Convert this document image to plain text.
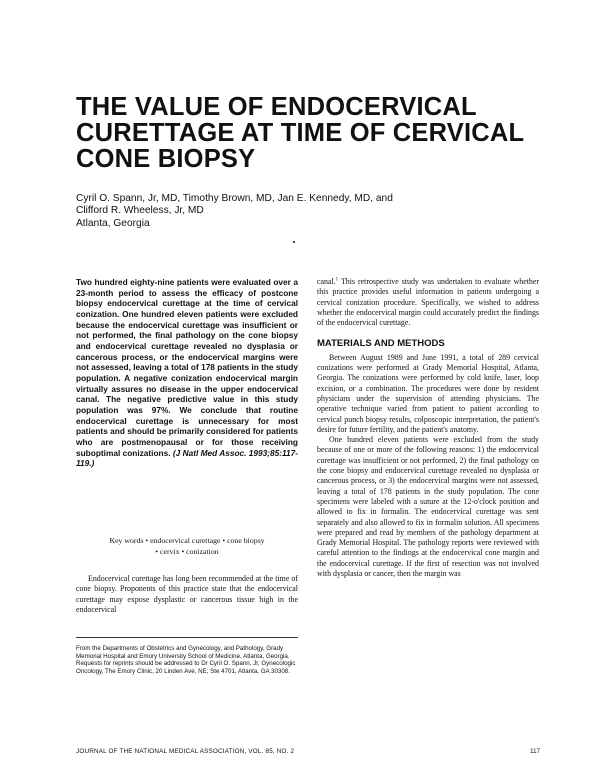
THE VALUE OF ENDOCERVICAL
CURETTAGE AT TIME OF CERVICAL
CONE BIOPSY
Cyril O. Spann, Jr, MD, Timothy Brown, MD, Jan E. Kennedy, MD, and
Clifford R. Wheeless, Jr, MD
Atlanta, Georgia
Two hundred eighty-nine patients were evaluated over a 23-month period to assess the efficacy of postcone biopsy endocervical curettage at the time of cervical conization. One hundred eleven patients were excluded because the endocervical curettage was insufficient or not performed, the final pathology on the cone biopsy and endocervical curettage revealed no dysplasia or cancerous process, or the endocervical margins were not assessed, leaving a total of 178 patients in the study population. A negative conization endocervical margin virtually assures no disease in the upper endocervical canal. The negative predictive value in this study population was 97%. We conclude that routine endocervical curettage is unnecessary for most patients and should be primarily considered for patients who are postmenopausal or for those receiving suboptimal conizations. (J Natl Med Assoc. 1993;85:117-119.)
Key words • endocervical curettage • cone biopsy
• cervix • conization
Endocervical curettage has long been recommended at the time of cone biopsy. Proponents of this practice state that the endocervical curettage may expose dysplastic or cancerous tissue high in the endocervical
From the Departments of Obstetrics and Gynecology, and Pathology, Grady Memorial Hospital and Emory University School of Medicine, Atlanta, Georgia. Requests for reprints should be addressed to Dr Cyril O. Spann, Jr, Gynecologic Oncology, The Emory Clinic, 20 Linden Ave, NE, Ste 4701, Atlanta, GA 30308.

canal.$^1$ This retrospective study was undertaken to evaluate whether this practice provides useful information in patients undergoing a cervical conization procedure. Specifically, we wished to address whether the endocervical margin could accurately predict the findings of the endocervical curettage.

MATERIALS AND METHODS

Between August 1989 and June 1991, a total of 289 cervical conizations were performed at Grady Memorial Hospital, Atlanta, Georgia. The conizations were performed by cold knife, laser, loop excision, or a combination. The procedures were done by resident physicians under the supervision of attending physicians. The operative technique varied from patient to patient according to cervical punch biopsy results, colposcopic interpretation, the patient's desire for future fertility, and the patient's anatomy.

One hundred eleven patients were excluded from the study because of one or more of the following reasons: 1) the endocervical curettage was insufficient or not performed, 2) the final pathology on the cone biopsy and endocervical curettage revealed no dysplasia or cancerous process, or 3) the endocervical margins were not assessed, leaving a total of 178 patients in the study population. The cone specimens were labeled with a suture at the 12-o'clock position and allowed to fix in formalin. The endocervical curettage was sent separately and also allowed to fix in formalin solution. All specimens were prepared and read by members of the pathology department at Grady Memorial Hospital. The pathology reports were reviewed with careful attention to the findings at the endocervical cone margin and the endocervical curettage. If the first of resection was not involved with dysplasia or cancer, then the margin was

JOURNAL OF THE NATIONAL MEDICAL ASSOCIATION, VOL. 85, NO. 2	117
